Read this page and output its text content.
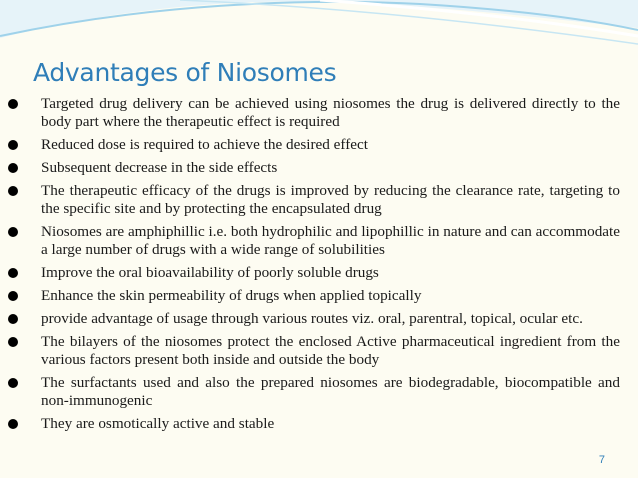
Advantages of Niosomes
Targeted drug delivery can be achieved using niosomes the drug is delivered directly to the body part where the therapeutic effect is required
Reduced dose is required to achieve the desired effect
Subsequent decrease in the side effects
The therapeutic efficacy of the drugs is improved by reducing the clearance rate, targeting to the specific site and by protecting the encapsulated drug
Niosomes are amphiphillic i.e. both hydrophilic and lipophillic in nature and can accommodate a large number of drugs with a wide range of solubilities
Improve the oral bioavailability of poorly soluble drugs
Enhance the skin permeability of drugs when applied topically
provide advantage of usage through various routes viz. oral, parentral, topical, ocular etc.
The bilayers of the niosomes protect the enclosed Active pharmaceutical ingredient from the various factors present both inside and outside the body
The surfactants used and also the prepared niosomes are biodegradable, biocompatible and non-immunogenic
They are osmotically active and stable
7
